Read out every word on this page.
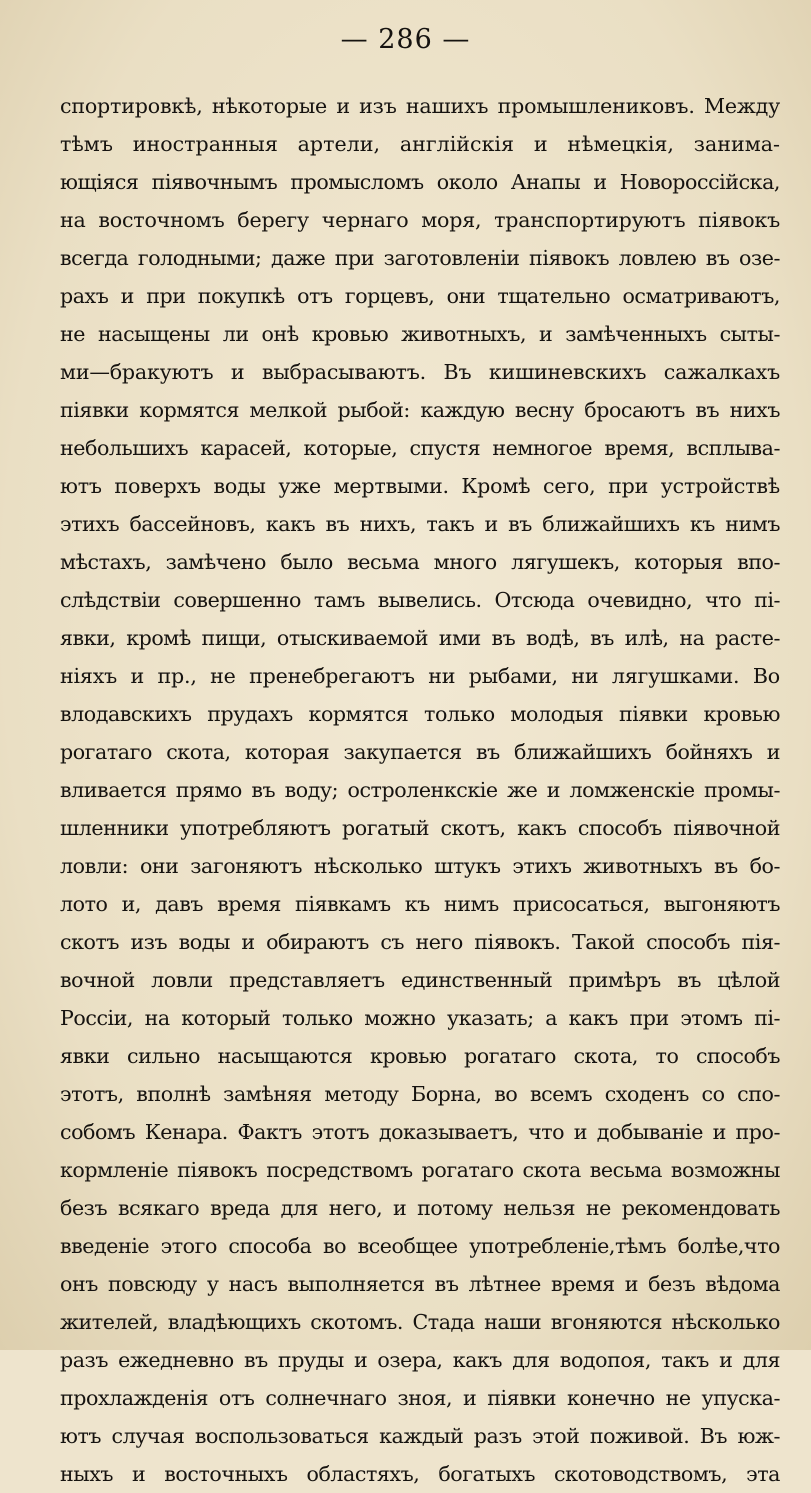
— 286 —
спортировкѣ, нѣкоторые и изъ нашихъ промышлениковъ. Между
тѣмъ иностранныя артели, англійскія и нѣмецкія, занима-
ющіяся піявочнымъ промысломъ около Анапы и Новороссійска,
на восточномъ берегу чернаго моря, транспортируютъ піявокъ
всегда голодными; даже при заготовленіи піявокъ ловлею въ озе-
рахъ и при покупкѣ отъ горцевъ, они тщательно осматриваютъ,
не насыщены ли онѣ кровью животныхъ, и замѣченныхъ сыты-
ми—бракуютъ и выбрасываютъ. Въ кишиневскихъ сажалкахъ
піявки кормятся мелкой рыбой: каждую весну бросаютъ въ нихъ
небольшихъ карасей, которые, спустя немногое время, всплыва-
ютъ поверхъ воды уже мертвыми. Кромѣ сего, при устройствѣ
этихъ бассейновъ, какъ въ нихъ, такъ и въ ближайшихъ къ нимъ
мѣстахъ, замѣчено было весьма много лягушекъ, которыя впо-
слѣдствіи совершенно тамъ вывелись. Отсюда очевидно, что пі-
явки, кромѣ пищи, отыскиваемой ими въ водѣ, въ илѣ, на расте-
ніяхъ и пр., не пренебрегаютъ ни рыбами, ни лягушками. Во
влодавскихъ прудахъ кормятся только молодыя піявки кровью
рогатаго скота, которая закупается въ ближайшихъ бойняхъ и
вливается прямо въ воду; остроленкскіе же и ломженскіе промы-
шленники употребляютъ рогатый скотъ, какъ способъ піявочной
ловли: они загоняютъ нѣсколько штукъ этихъ животныхъ въ бо-
лото и, давъ время піявкамъ къ нимъ присосаться, выгоняютъ
скотъ изъ воды и обираютъ съ него піявокъ. Такой способъ пія-
вочной ловли представляетъ единственный примѣръ въ цѣлой
Россіи, на который только можно указать; а какъ при этомъ пі-
явки сильно насыщаются кровью рогатаго скота, то способъ
этотъ, вполнѣ замѣняя методу Борна, во всемъ сходенъ со спо-
собомъ Кенара. Фактъ этотъ доказываетъ, что и добываніе и про-
кормленіе піявокъ посредствомъ рогатаго скота весьма возможны
безъ всякаго вреда для него, и потому нельзя не рекомендовать
введеніе этого способа во всеобщее употребленіе,тѣмъ болѣе,что
онъ повсюду у насъ выполняется въ лѣтнее время и безъ вѣдома
жителей, владѣющихъ скотомъ. Стада наши вгоняются нѣсколько
разъ ежедневно въ пруды и озера, какъ для водопоя, такъ и для
прохлажденія отъ солнечнаго зноя, и піявки конечно не упуска-
ютъ случая воспользоваться каждый разъ этой поживой. Въ юж-
ныхъ и восточныхъ областяхъ, богатыхъ скотоводствомъ, эта
